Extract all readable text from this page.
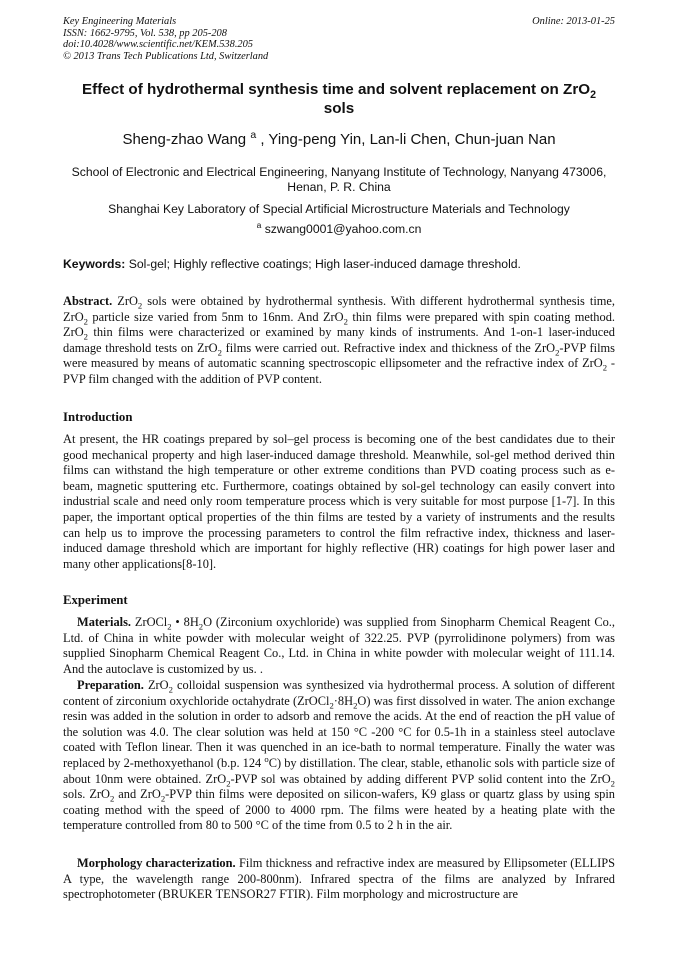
Key Engineering Materials
ISSN: 1662-9795, Vol. 538, pp 205-208
doi:10.4028/www.scientific.net/KEM.538.205
© 2013 Trans Tech Publications Ltd, Switzerland
Online: 2013-01-25
Effect of hydrothermal synthesis time and solvent replacement on ZrO$_2$
sols
Sheng-zhao Wang $^a$ , Ying-peng Yin, Lan-li Chen, Chun-juan Nan
School of Electronic and Electrical Engineering, Nanyang Institute of Technology, Nanyang 473006, Henan, P. R. China
Shanghai Key Laboratory of Special Artificial Microstructure Materials and Technology
$^a$ szwang0001@yahoo.com.cn
Keywords: Sol-gel; Highly reflective coatings; High laser-induced damage threshold.
Abstract. ZrO$_2$ sols were obtained by hydrothermal synthesis. With different hydrothermal synthesis time, ZrO$_2$ particle size varied from 5nm to 16nm. And ZrO$_2$ thin films were prepared with spin coating method. ZrO$_2$ thin films were characterized or examined by many kinds of instruments. And 1-on-1 laser-induced damage threshold tests on ZrO$_2$ films were carried out. Refractive index and thickness of the ZrO$_2$-PVP films were measured by means of automatic scanning spectroscopic ellipsometer and the refractive index of ZrO$_2$ -PVP film changed with the addition of PVP content.
Introduction
At present, the HR coatings prepared by sol–gel process is becoming one of the best candidates due to their good mechanical property and high laser-induced damage threshold. Meanwhile, sol-gel method derived thin films can withstand the high temperature or other extreme conditions than PVD coating process such as e-beam, magnetic sputtering etc. Furthermore, coatings obtained by sol-gel technology can easily convert into industrial scale and need only room temperature process which is very suitable for most purpose [1-7]. In this paper, the important optical properties of the thin films are tested by a variety of instruments and the results can help us to improve the processing parameters to control the film refractive index, thickness and laser-induced damage threshold which are important for highly reflective (HR) coatings for high power laser and many other applications[8-10].
Experiment
Materials. ZrOCl$_2$ • $8H_2O$ (Zirconium oxychloride) was supplied from Sinopharm Chemical Reagent Co., Ltd. of China in white powder with molecular weight of 322.25. PVP (pyrrolidinone polymers) from was supplied Sinopharm Chemical Reagent Co., Ltd. in China in white powder with molecular weight of 111.14. And the autoclave is customized by us. .
Preparation. ZrO$_2$ colloidal suspension was synthesized via hydrothermal process. A solution of different content of zirconium oxychloride octahydrate $(ZrOCl_2\cdot 8H_2O)$ was first dissolved in water. The anion exchange resin was added in the solution in order to adsorb and remove the acids. At the end of reaction the pH value of the solution was 4.0. The clear solution was held at 150 °C -200 °C for 0.5-1h in a stainless steel autoclave coated with Teflon linear. Then it was quenched in an ice-bath to normal temperature. Finally the water was replaced by 2-methoxyethanol (b.p. 124 $^o$C) by distillation. The clear, stable, ethanolic sols with particle size of about 10nm were obtained. ZrO$_2$-PVP sol was obtained by adding different PVP solid content into the ZrO$_2$ sols. ZrO$_2$ and ZrO$_2$-PVP thin films were deposited on silicon-wafers, K9 glass or quartz glass by using spin coating method with the speed of 2000 to 4000 rpm. The films were heated by a heating plate with the temperature controlled from 80 to 500 °C of the time from 0.5 to 2 h in the air.
Morphology characterization. Film thickness and refractive index are measured by Ellipsometer (ELLIPS A type, the wavelength range 200-800nm). Infrared spectra of the films are analyzed by Infrared spectrophotometer (BRUKER TENSOR27 FTIR). Film morphology and microstructure are
